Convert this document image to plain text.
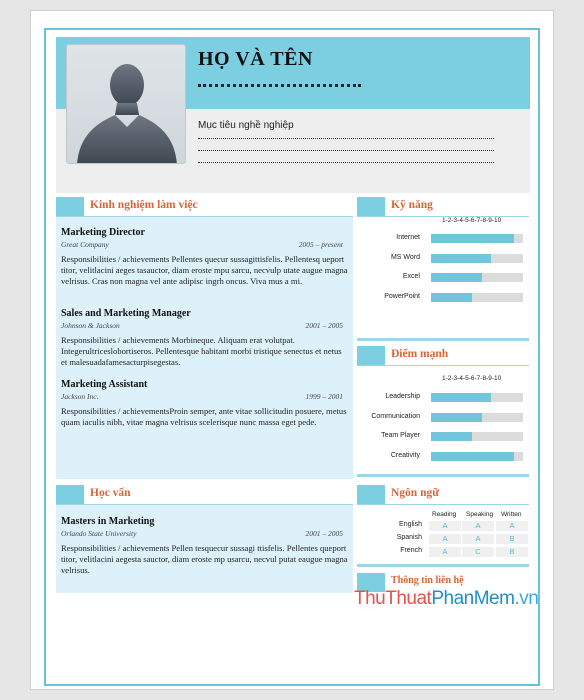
HỌ VÀ TÊN
Mục tiêu nghề nghiệp
Kinh nghiệm làm việc
Marketing Director
Great Company	2005 – present
Responsibilities / achievements Pellentes quecur sussagittisfelis. Pellentesq ueport titor, velitlacini aeges tasauctor, diam eroste mpu sarcu, necvulp utate augue magna velrisus. Cras non magna vel ante adipisc ingrh oncus. Viva mus a mi.
Sales and Marketing Manager
Johnson & Jackson	2001 – 2005
Responsibilities / achievements Morbineque. Aliquam erat volutpat. Integerultriceslobortiseros. Pellentesque habitant morbi tristique senectus et netus et malesuadafamesacturpisegestas.
Marketing Assistant
Jackson Inc.	1999 – 2001
Responsibilities / achievementsProin semper, ante vitae sollicitudin posuere, metus quam iaculis nibh, vitae magna velrisus scelerisque nunc massa eget pede.
Học vấn
Masters in Marketing
Orlando State University	2001 – 2005
Responsibilities / achievements Pellen tesquecur sussagi ttisfelis. Pellentes queport titor, velitlacini aegesta sauctor, diam eroste mp usarcu, necvul putat eaugue magna velrisus.
Kỹ năng
1-2-3-4-5-6-7-8-9-10
Internet
MS Word
Excel
PowerPoint
Điểm mạnh
1-2-3-4-5-6-7-8-9-10
Leadership
Communication
Team Player
Creativity
Ngôn ngữ
Reading Speaking Written
English	A	A	A
Spanish	A	A	B
French	A	C	B
Thông tin liên hệ
ThuThuatPhanMem.vn
